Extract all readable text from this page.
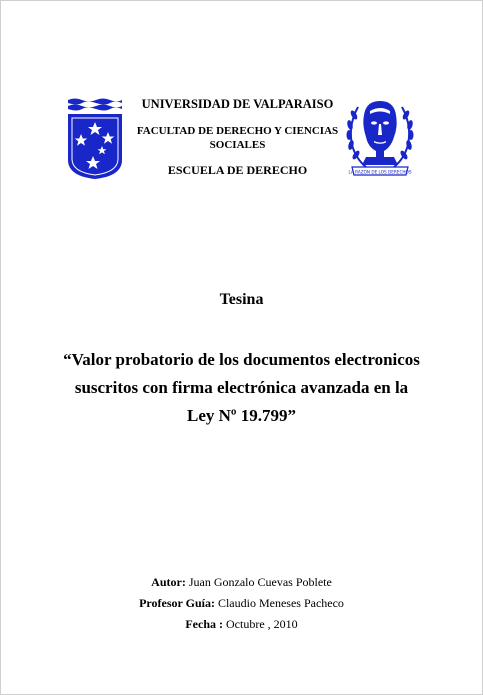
UNIVERSIDAD DE VALPARAISO
FACULTAD DE DERECHO Y CIENCIAS
SOCIALES
ESCUELA DE DERECHO	LA RAZON DE LOS DERECHOS
Tesina
“Valor probatorio de los documentos electronicos
suscritos con firma electrónica avanzada en la
Ley Nº 19.799”
Autor: Juan Gonzalo Cuevas Poblete
Profesor Guía: Claudio Meneses Pacheco
Fecha : Octubre , 2010
